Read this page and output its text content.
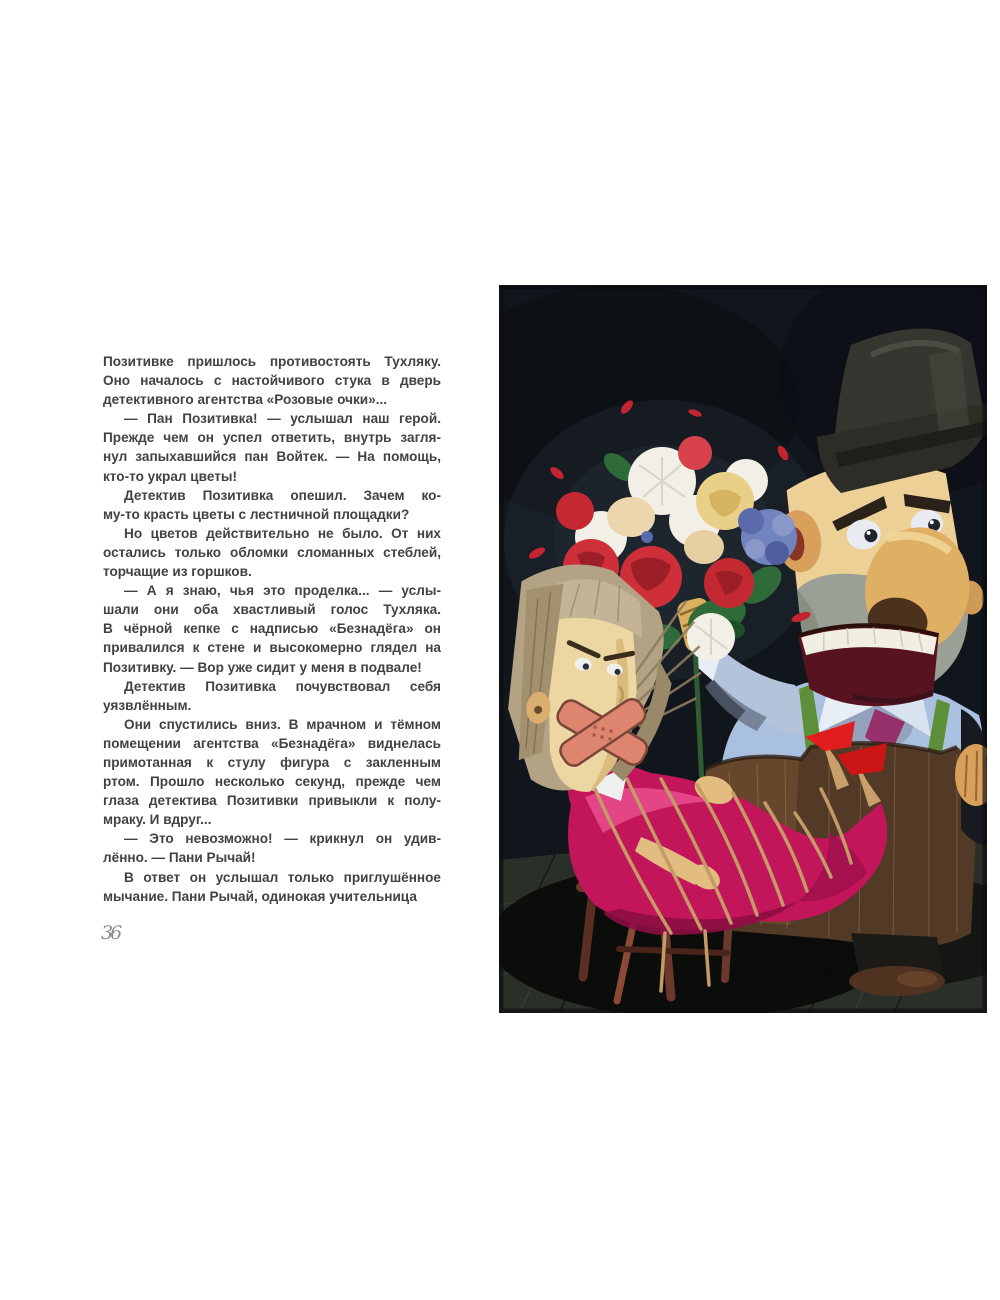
Позитивке пришлось противостоять Тухляку.
Оно началось с настойчивого стука в дверь
детективного агентства «Розовые очки»...
— Пан Позитивка! — услышал наш герой.
Прежде чем он успел ответить, внутрь загля-
нул запыхавшийся пан Войтек. — На помощь,
кто-то украл цветы!
Детектив Позитивка опешил. Зачем ко-
му-то красть цветы с лестничной площадки?
Но цветов действительно не было. От них
остались только обломки сломанных стеблей,
торчащие из горшков.
— А я знаю, чья это проделка... — услы-
шали они оба хвастливый голос Тухляка.
В чёрной кепке с надписью «Безнадёга» он
привалился к стене и высокомерно глядел на
Позитивку. — Вор уже сидит у меня в подвале!
Детектив Позитивка почувствовал себя
уязвлённым.
Они спустились вниз. В мрачном и тёмном
помещении агентства «Безнадёга» виднелась
примотанная к стулу фигура с закленным
ртом. Прошло несколько секунд, прежде чем
глаза детектива Позитивки привыкли к полу-
мраку. И вдруг...
— Это невозможно! — крикнул он удив-
лённо. — Пани Рычай!
В ответ он услышал только приглушённое
мычание. Пани Рычай, одинокая учительница
36
